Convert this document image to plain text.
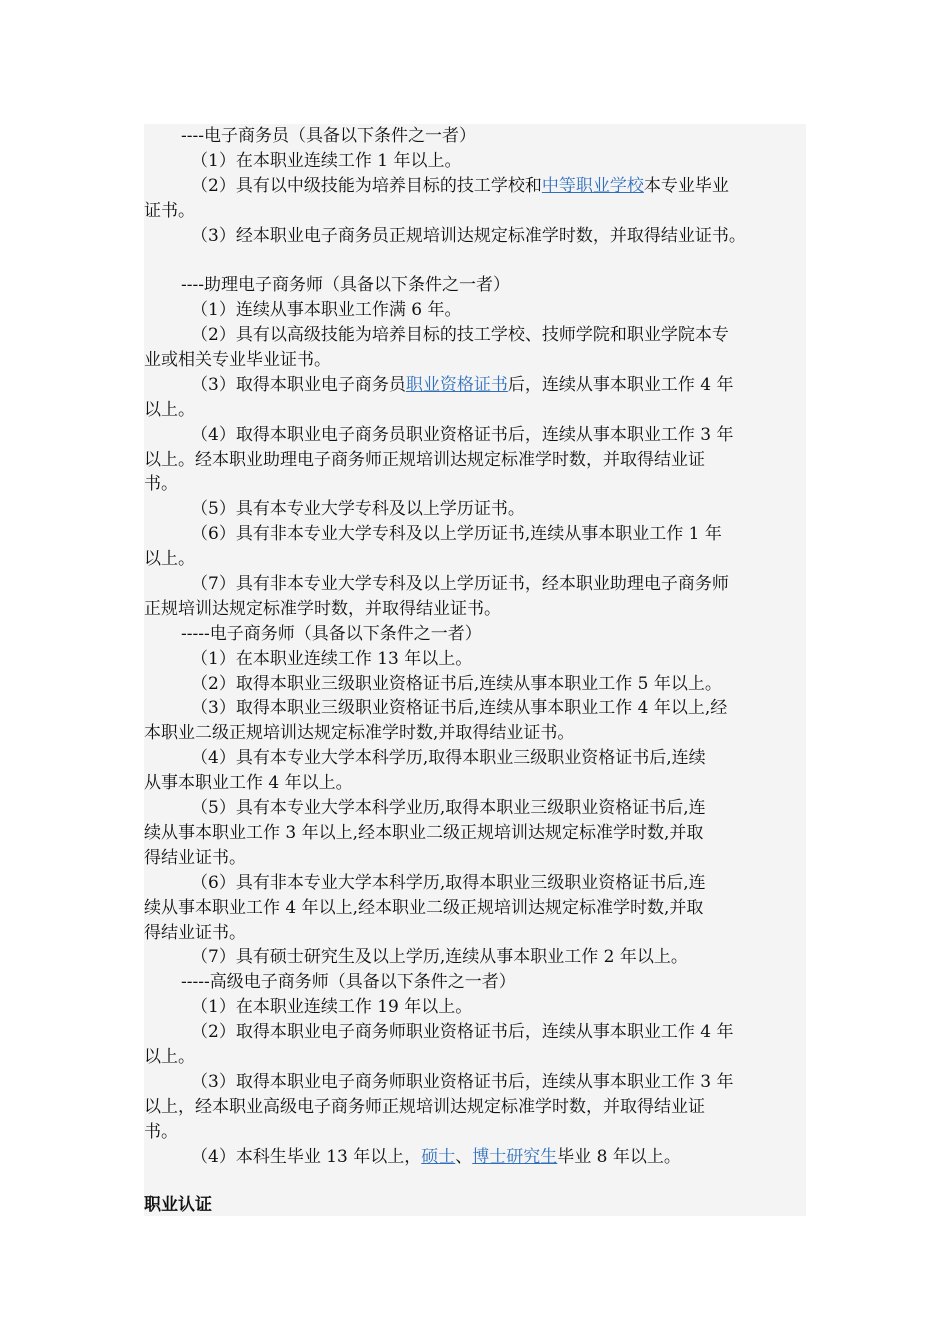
----电子商务员（具备以下条件之一者）
（1）在本职业连续工作 1 年以上。
（2）具有以中级技能为培养目标的技工学校和中等职业学校本专业毕业
证书。
（3）经本职业电子商务员正规培训达规定标准学时数，并取得结业证书。
----助理电子商务师（具备以下条件之一者）
（1）连续从事本职业工作满 6 年。
（2）具有以高级技能为培养目标的技工学校、技师学院和职业学院本专
业或相关专业毕业证书。
（3）取得本职业电子商务员职业资格证书后，连续从事本职业工作 4 年
以上。
（4）取得本职业电子商务员职业资格证书后，连续从事本职业工作 3 年
以上。经本职业助理电子商务师正规培训达规定标准学时数，并取得结业证
书。
（5）具有本专业大学专科及以上学历证书。
（6）具有非本专业大学专科及以上学历证书,连续从事本职业工作 1 年
以上。
（7）具有非本专业大学专科及以上学历证书，经本职业助理电子商务师
正规培训达规定标准学时数，并取得结业证书。
-----电子商务师（具备以下条件之一者）
（1）在本职业连续工作 13 年以上。
（2）取得本职业三级职业资格证书后,连续从事本职业工作 5 年以上。
（3）取得本职业三级职业资格证书后,连续从事本职业工作 4 年以上,经
本职业二级正规培训达规定标准学时数,并取得结业证书。
（4）具有本专业大学本科学历,取得本职业三级职业资格证书后,连续
从事本职业工作 4 年以上。
（5）具有本专业大学本科学业历,取得本职业三级职业资格证书后,连
续从事本职业工作 3 年以上,经本职业二级正规培训达规定标准学时数,并取
得结业证书。
（6）具有非本专业大学本科学历,取得本职业三级职业资格证书后,连
续从事本职业工作 4 年以上,经本职业二级正规培训达规定标准学时数,并取
得结业证书。
（7）具有硕士研究生及以上学历,连续从事本职业工作 2 年以上。
-----高级电子商务师（具备以下条件之一者）
（1）在本职业连续工作 19 年以上。
（2）取得本职业电子商务师职业资格证书后，连续从事本职业工作 4 年
以上。
（3）取得本职业电子商务师职业资格证书后，连续从事本职业工作 3 年
以上，经本职业高级电子商务师正规培训达规定标准学时数，并取得结业证
书。
（4）本科生毕业 13 年以上，硕士、博士研究生毕业 8 年以上。
职业认证
